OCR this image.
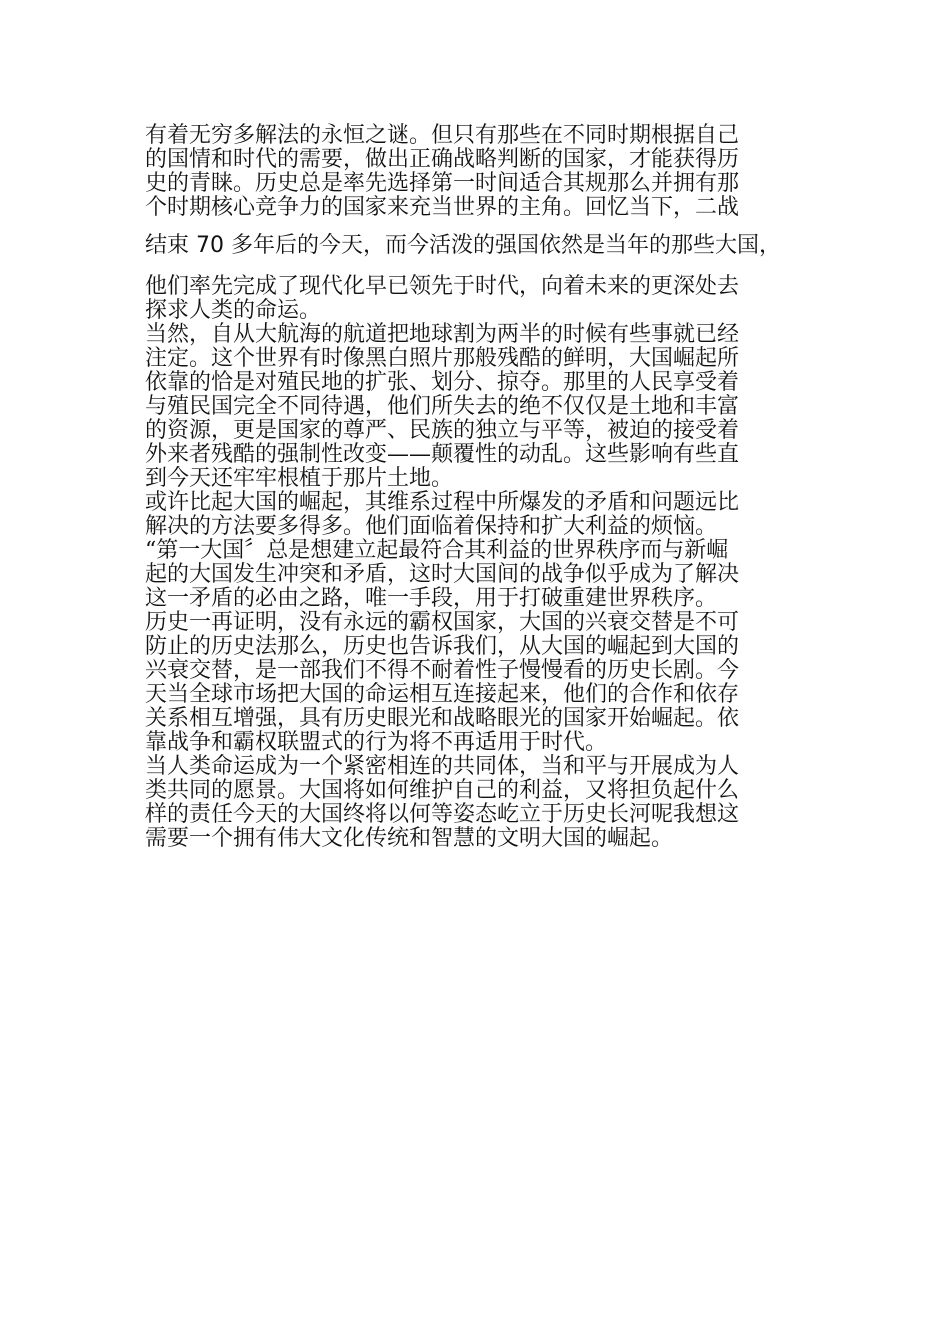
有着无穷多解法的永恒之谜。但只有那些在不同时期根据自己
的国情和时代的需要，做出正确战略判断的国家，才能获得历
史的青睐。历史总是率先选择第一时间适合其规那么并拥有那
个时期核心竞争力的国家来充当世界的主角。回忆当下，二战
结束 70 多年后的今天，而今活泼的强国依然是当年的那些大国，
他们率先完成了现代化早已领先于时代，向着未来的更深处去
探求人类的命运。
当然，自从大航海的航道把地球割为两半的时候有些事就已经
注定。这个世界有时像黑白照片那般残酷的鲜明，大国崛起所
依靠的恰是对殖民地的扩张、划分、掠夺。那里的人民享受着
与殖民国完全不同待遇，他们所失去的绝不仅仅是土地和丰富
的资源，更是国家的尊严、民族的独立与平等，被迫的接受着
外来者残酷的强制性改变——颠覆性的动乱。这些影响有些直
到今天还牢牢根植于那片土地。
或许比起大国的崛起，其维系过程中所爆发的矛盾和问题远比
解决的方法要多得多。他们面临着保持和扩大利益的烦恼。
“第一大国〞总是想建立起最符合其利益的世界秩序而与新崛
起的大国发生冲突和矛盾，这时大国间的战争似乎成为了解决
这一矛盾的必由之路，唯一手段，用于打破重建世界秩序。
历史一再证明，没有永远的霸权国家，大国的兴衰交替是不可
防止的历史法那么，历史也告诉我们，从大国的崛起到大国的
兴衰交替，是一部我们不得不耐着性子慢慢看的历史长剧。今
天当全球市场把大国的命运相互连接起来，他们的合作和依存
关系相互增强，具有历史眼光和战略眼光的国家开始崛起。依
靠战争和霸权联盟式的行为将不再适用于时代。
当人类命运成为一个紧密相连的共同体，当和平与开展成为人
类共同的愿景。大国将如何维护自己的利益，又将担负起什么
样的责任今天的大国终将以何等姿态屹立于历史长河呢我想这
需要一个拥有伟大文化传统和智慧的文明大国的崛起。
